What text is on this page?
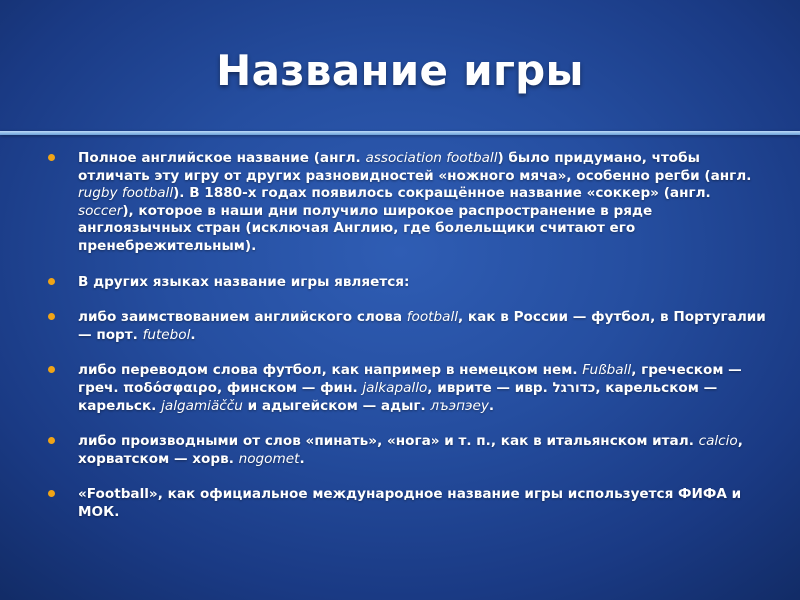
Название игры
Полное английское название (англ. association football) было придумано, чтобы отличать эту игру от других разновидностей «ножного мяча», особенно регби (англ. rugby football). В 1880-х годах появилось сокращённое название «соккер» (англ. soccer), которое в наши дни получило широкое распространение в ряде англоязычных стран (исключая Англию, где болельщики считают его пренебрежительным).
В других языках название игры является:
либо заимствованием английского слова football, как в России — футбол, в Португалии — порт. futebol.
либо переводом слова футбол, как например в немецком нем. Fußball, греческом — греч. ποδόσφαιρο, финском — фин. jalkapallo, иврите — ивр. כדורגל, карельском —карельск. jalgamiäčču и адыгейском — адыг. лъэпэеу.
либо производными от слов «пинать», «нога» и т. п., как в итальянском итал. calcio, хорватском — хорв. nogomet.
«Football», как официальное международное название игры используется ФИФА и МОК.
